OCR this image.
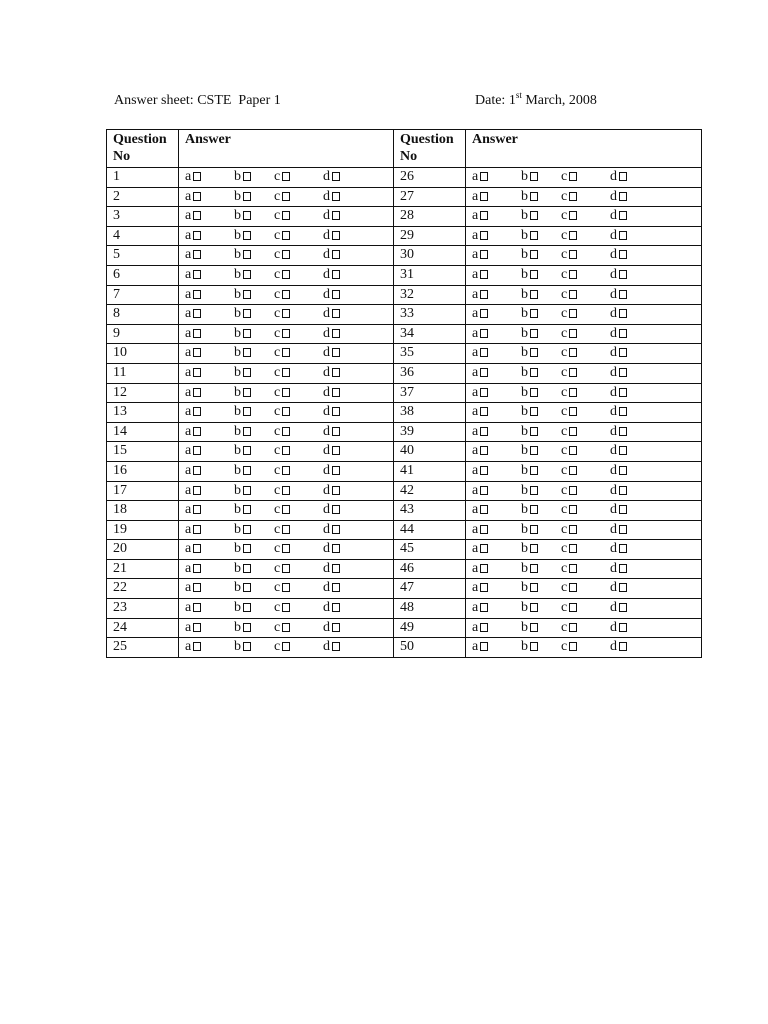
Answer sheet: CSTE  Paper 1	Date: 1st March, 2008
Question No	Answer	Question No	Answer
1	a b c d	26	a b c d
2	a b c d	27	a b c d
3	a b c d	28	a b c d
4	a b c d	29	a b c d
5	a b c d	30	a b c d
6	a b c d	31	a b c d
7	a b c d	32	a b c d
8	a b c d	33	a b c d
9	a b c d	34	a b c d
10	a b c d	35	a b c d
11	a b c d	36	a b c d
12	a b c d	37	a b c d
13	a b c d	38	a b c d
14	a b c d	39	a b c d
15	a b c d	40	a b c d
16	a b c d	41	a b c d
17	a b c d	42	a b c d
18	a b c d	43	a b c d
19	a b c d	44	a b c d
20	a b c d	45	a b c d
21	a b c d	46	a b c d
22	a b c d	47	a b c d
23	a b c d	48	a b c d
24	a b c d	49	a b c d
25	a b c d	50	a b c d
